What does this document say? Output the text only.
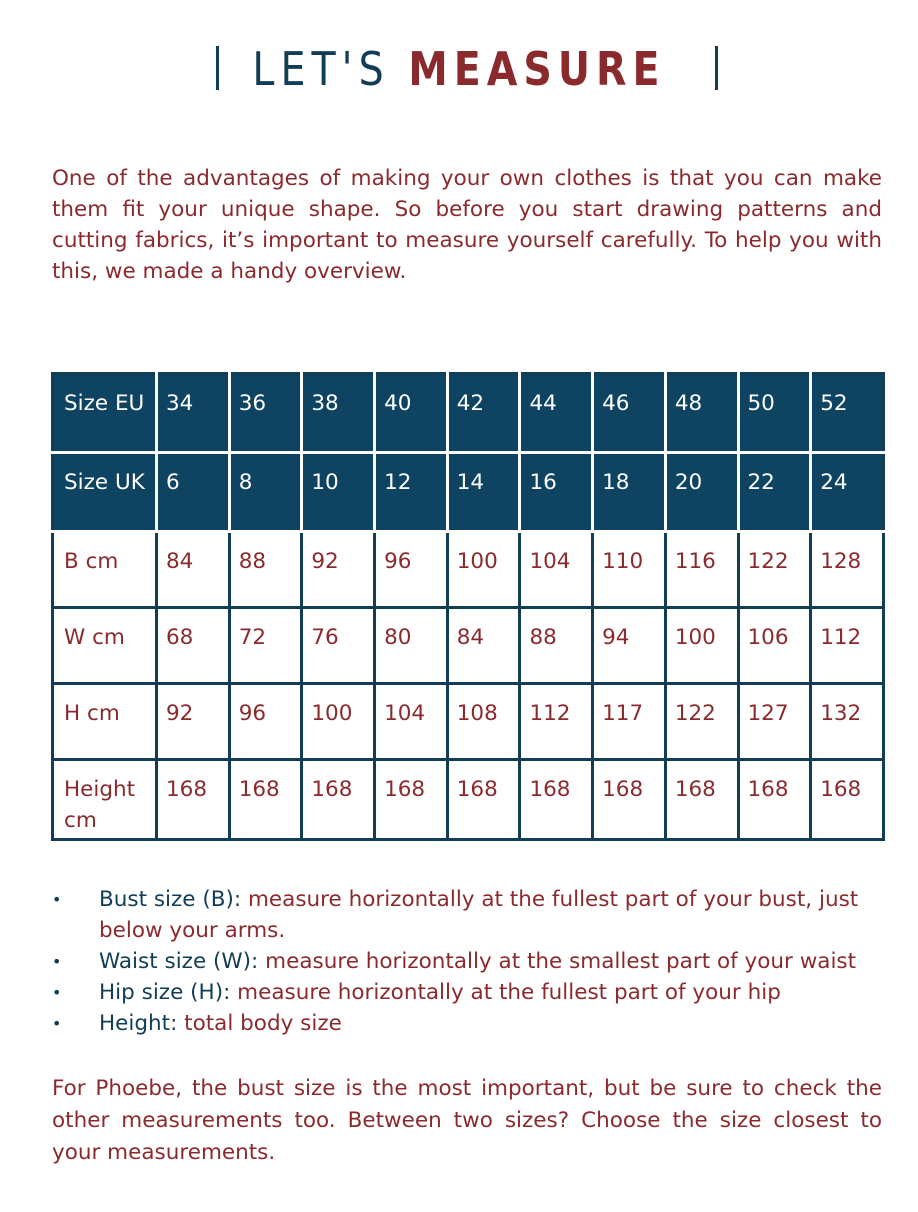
LET'S MEASURE
One of the advantages of making your own clothes is that you can make them fit your unique shape. So before you start drawing patterns and cutting fabrics, it’s important to measure yourself carefully. To help you with this, we made a handy overview.
Size EU	34	36	38	40	42	44	46	48	50	52
Size UK	6	8	10	12	14	16	18	20	22	24
B cm	84	88	92	96	100	104	110	116	122	128
W cm	68	72	76	80	84	88	94	100	106	112
H cm	92	96	100	104	108	112	117	122	127	132
Height cm	168	168	168	168	168	168	168	168	168	168
• Bust size (B): measure horizontally at the fullest part of your bust, just below your arms.
• Waist size (W): measure horizontally at the smallest part of your waist
• Hip size (H): measure horizontally at the fullest part of your hip
• Height: total body size
For Phoebe, the bust size is the most important, but be sure to check the other measurements too. Between two sizes? Choose the size closest to your measurements.
